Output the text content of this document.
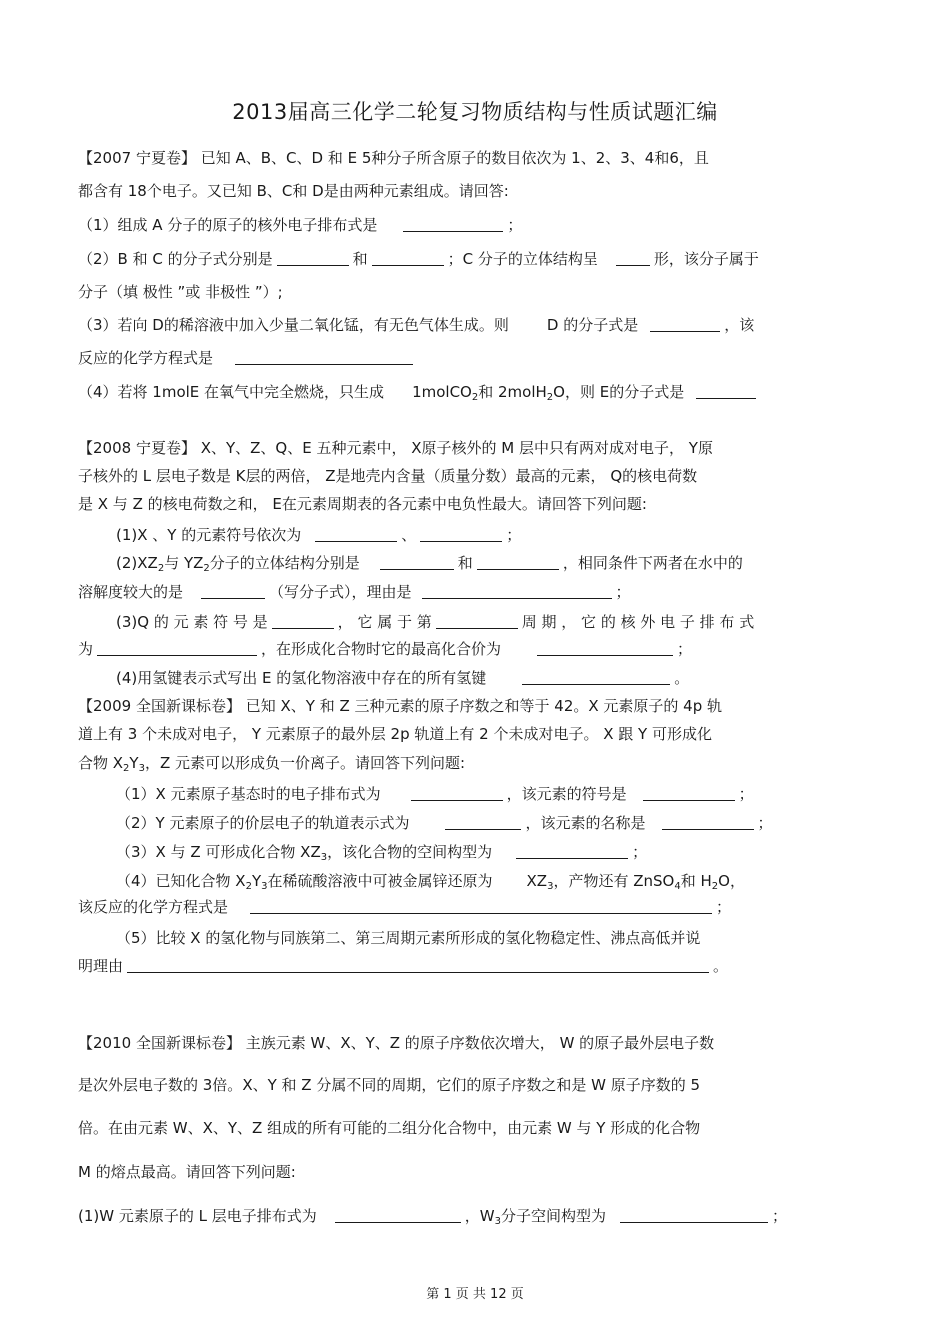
2013届高三化学二轮复习物质结构与性质试题汇编
【2007 宁夏卷】 已知 A、B、C、D 和 E 5种分子所含原子的数目依次为 1、2、3、4和6，且
都含有 18个电子。又已知 B、C和 D是由两种元素组成。请回答:
（1）组成 A 分子的原子的核外电子排布式是	；
（2）B 和 C 的分子式分别是	和	；C 分子的立体结构呈	形，该分子属于
分子（填 极性 ”或 非极性 ”）;
（3）若向 D的稀溶液中加入少量二氧化锰，有无色气体生成。则	D 的分子式是	，该
反应的化学方程式是
（4）若将 1molE 在氧气中完全燃烧，只生成 1molCO$_2$和 2molH$_2$O，则 E的分子式是
【2008 宁夏卷】 X、Y、Z、Q、E 五种元素中， X原子核外的 M 层中只有两对成对电子， Y原
子核外的 L 层电子数是 K层的两倍， Z是地壳内含量（质量分数）最高的元素， Q的核电荷数
是 X 与 Z 的核电荷数之和， E在元素周期表的各元素中电负性最大。请回答下列问题:
(1)X 、Y 的元素符号依次为	、	；
$(2)XZ_2$与 $YZ_2$分子的立体结构分别是	和	，相同条件下两者在水中的
溶解度较大的是	（写分子式），理由是	；
(3)Q 的 元 素 符 号 是	， 它 属 于 第	周 期 ， 它 的 核 外 电 子 排 布 式
为	，在形成化合物时它的最高化合价为	；
(4)用氢键表示式写出 E 的氢化物溶液中存在的所有氢键	。
【2009 全国新课标卷】 已知 X、Y 和 Z 三种元素的原子序数之和等于 42。X 元素原子的 4p 轨
道上有 3 个未成对电子， Y 元素原子的最外层 2p 轨道上有 2 个未成对电子。 X 跟 Y 可形成化
合物 $X_2Y_3$，Z 元素可以形成负一价离子。请回答下列问题:
（1）X 元素原子基态时的电子排布式为	，该元素的符号是	；
（2）Y 元素原子的价层电子的轨道表示式为	，该元素的名称是	；
（3）X 与 Z 可形成化合物 $XZ_3$，该化合物的空间构型为	；
（4）已知化合物 $X_2Y_3$在稀硫酸溶液中可被金属锌还原为 $XZ_3$，产物还有 ZnSO$_4$和 $H_2O$，
该反应的化学方程式是	；
（5）比较 X 的氢化物与同族第二、第三周期元素所形成的氢化物稳定性、沸点高低并说
明理由	。
【2010 全国新课标卷】 主族元素 W、X、Y、Z 的原子序数依次增大， W 的原子最外层电子数
是次外层电子数的 3倍。X、Y 和 Z 分属不同的周期，它们的原子序数之和是 W 原子序数的 5
倍。在由元素 W、X、Y、Z 组成的所有可能的二组分化合物中，由元素 W 与 Y 形成的化合物
M 的熔点最高。请回答下列问题:
(1)W 元素原子的 L 层电子排布式为	，$W_3$分子空间构型为	；
第 1 页 共 12 页
